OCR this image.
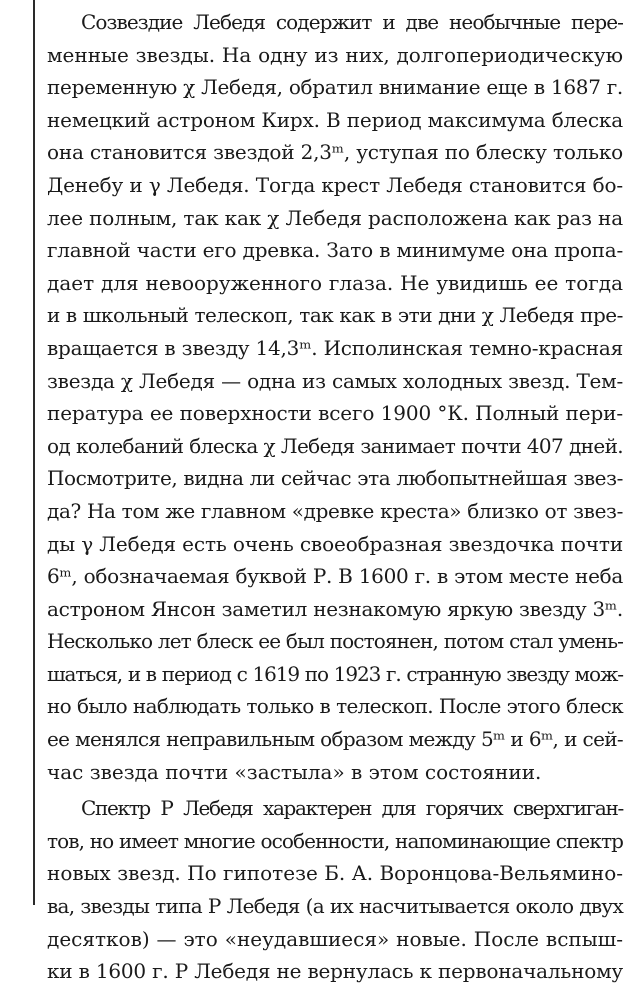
Созвездие Лебедя содержит и две необычные пере-
менные звезды. На одну из них, долгопериодическую
переменную χ Лебедя, обратил внимание еще в 1687 г.
немецкий астроном Кирх. В период максимума блеска
она становится звездой 2,3ᵐ, уступая по блеску только
Денебу и γ Лебедя. Тогда крест Лебедя становится бо-
лее полным, так как χ Лебедя расположена как раз на
главной части его древка. Зато в минимуме она пропа-
дает для невооруженного глаза. Не увидишь ее тогда
и в школьный телескоп, так как в эти дни χ Лебедя пре-
вращается в звезду 14,3ᵐ. Исполинская темно-красная
звезда χ Лебедя — одна из самых холодных звезд. Тем-
пература ее поверхности всего 1900 °К. Полный пери-
од колебаний блеска χ Лебедя занимает почти 407 дней.
Посмотрите, видна ли сейчас эта любопытнейшая звез-
да? На том же главном «древке креста» близко от звез-
ды γ Лебедя есть очень своеобразная звездочка почти
6ᵐ, обозначаемая буквой Р. В 1600 г. в этом месте неба
астроном Янсон заметил незнакомую яркую звезду 3ᵐ.
Несколько лет блеск ее был постоянен, потом стал умень-
шаться, и в период с 1619 по 1923 г. странную звезду мож-
но было наблюдать только в телескоп. После этого блеск
ее менялся неправильным образом между 5ᵐ и 6ᵐ, и сей-
час звезда почти «застыла» в этом состоянии.

Спектр Р Лебедя характерен для горячих сверхгиган-
тов, но имеет многие особенности, напоминающие спектр
новых звезд. По гипотезе Б. А. Воронцова-Вельямино-
ва, звезды типа Р Лебедя (а их насчитывается около двух
десятков) — это «неудавшиеся» новые. После вспыш-
ки в 1600 г. Р Лебедя не вернулась к первоначальному
